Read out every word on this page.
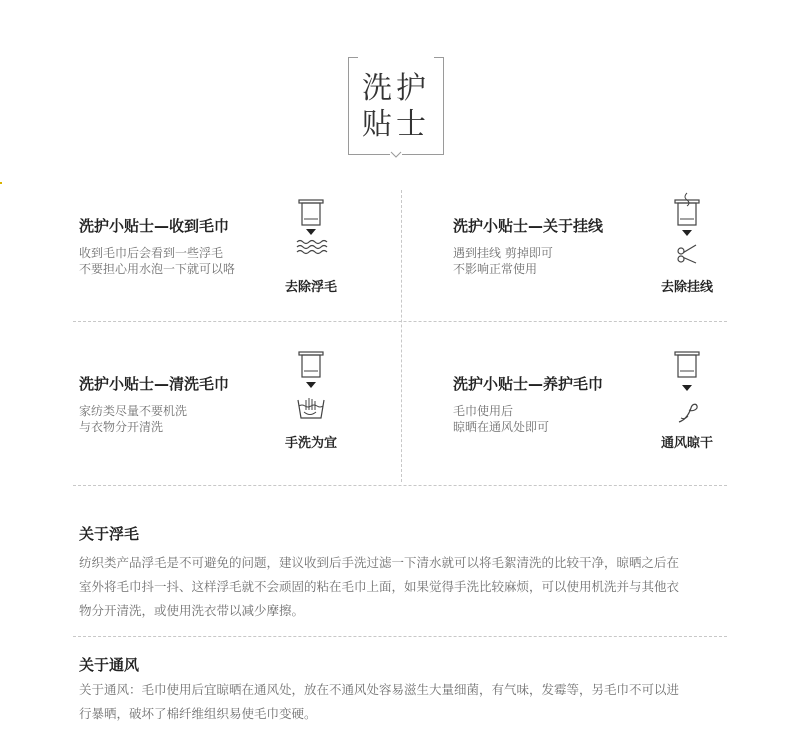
洗护
贴士
洗护小贴士—收到毛巾
收到毛巾后会看到一些浮毛
不要担心用水泡一下就可以咯
去除浮毛
洗护小贴士—关于挂线
遇到挂线 剪掉即可
不影响正常使用
去除挂线
洗护小贴士—清洗毛巾
家纺类尽量不要机洗
与衣物分开清洗
手洗为宜
洗护小贴士—养护毛巾
毛巾使用后
晾晒在通风处即可
通风晾干
关于浮毛
纺织类产品浮毛是不可避免的问题，建议收到后手洗过滤一下清水就可以将毛絮清洗的比较干净，晾晒之后在
室外将毛巾抖一抖、这样浮毛就不会顽固的粘在毛巾上面，如果觉得手洗比较麻烦，可以使用机洗并与其他衣
物分开清洗，或使用洗衣带以减少摩擦。
关于通风
关于通风：毛巾使用后宜晾晒在通风处，放在不通风处容易滋生大量细菌，有气味，发霉等，另毛巾不可以进
行暴晒，破坏了棉纤维组织易使毛巾变硬。
